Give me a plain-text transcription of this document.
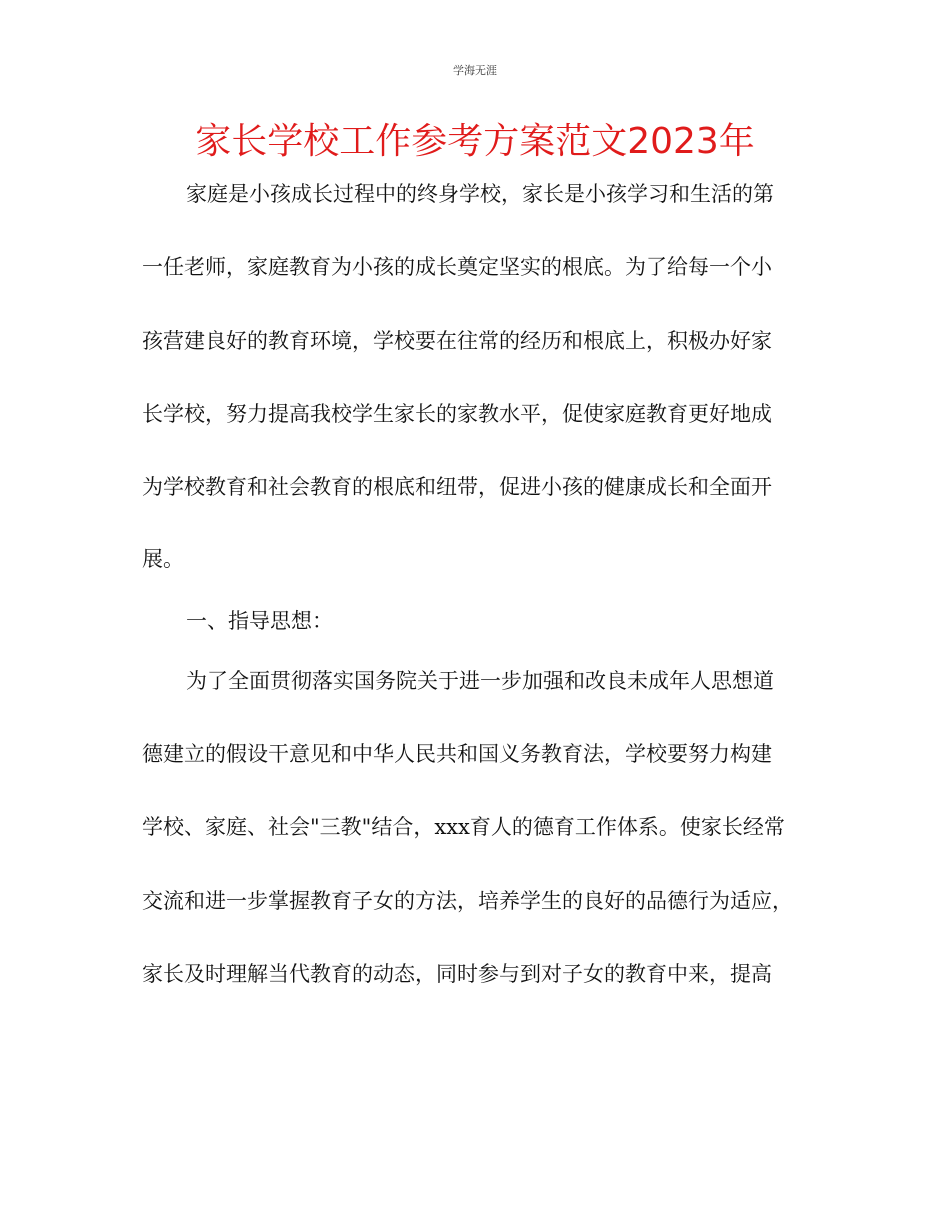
学海无涯
家长学校工作参考方案范文2023年

家庭是小孩成长过程中的终身学校，家长是小孩学习和生活的第

一任老师，家庭教育为小孩的成长奠定坚实的根底。为了给每一个小

孩营建良好的教育环境，学校要在往常的经历和根底上，积极办好家

长学校，努力提高我校学生家长的家教水平，促使家庭教育更好地成

为学校教育和社会教育的根底和纽带，促进小孩的健康成长和全面开

展。

一、指导思想：

为了全面贯彻落实国务院关于进一步加强和改良未成年人思想道

德建立的假设干意见和中华人民共和国义务教育法，学校要努力构建

学校、家庭、社会"三教"结合，xxx育人的德育工作体系。使家长经常

交流和进一步掌握教育子女的方法，培养学生的良好的品德行为适应，

家长及时理解当代教育的动态，同时参与到对子女的教育中来，提高
